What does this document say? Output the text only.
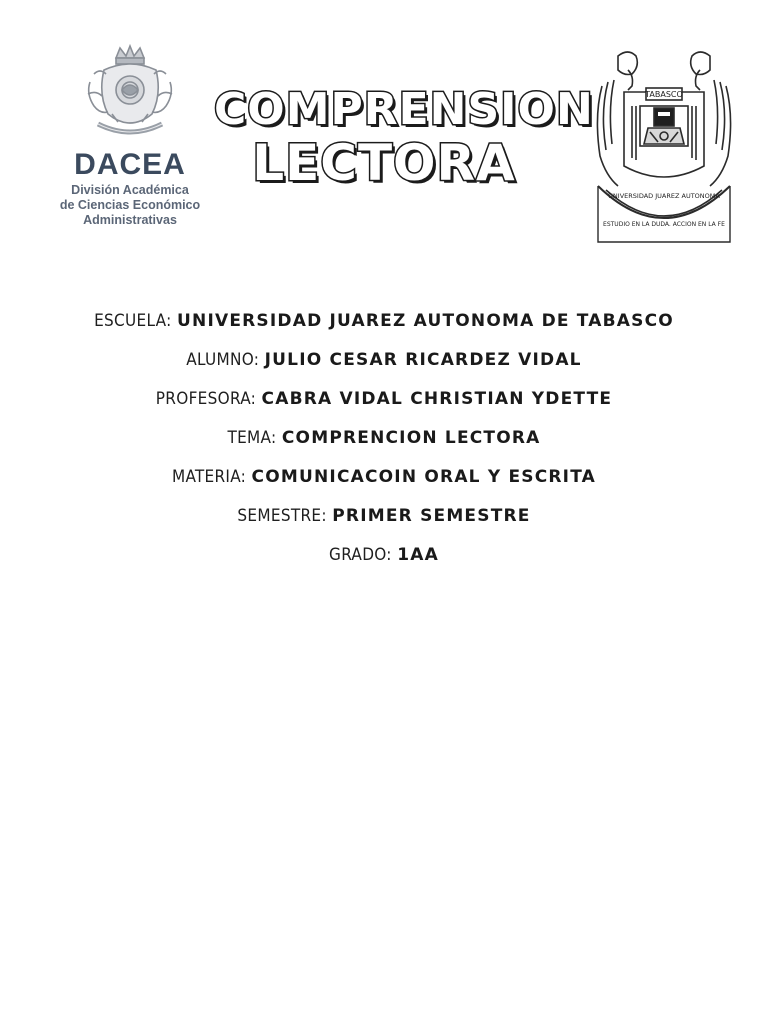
DACEA
División Académica
de Ciencias Económico
Administrativas
COMPRENSION
LECTORA
TABASCO
UNIVERSIDAD JUAREZ AUTONOMA
ESTUDIO EN LA DUDA. ACCION EN LA FE
ESCUELA: UNIVERSIDAD JUAREZ AUTONOMA DE TABASCO
ALUMNO: JULIO CESAR RICARDEZ VIDAL
PROFESORA: CABRA VIDAL CHRISTIAN YDETTE
TEMA: COMPRENCION LECTORA
MATERIA: COMUNICACOIN ORAL Y ESCRITA
SEMESTRE: PRIMER SEMESTRE
GRADO: 1AA
